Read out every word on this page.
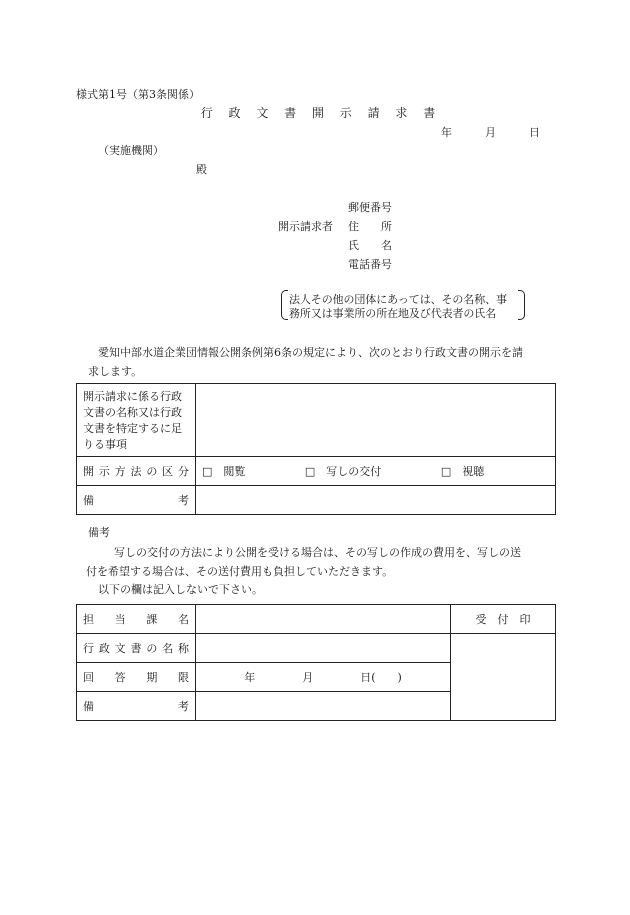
様式第1号（第3条関係）
行 政 文 書 開 示 請 求 書
年	月	日
（実施機関）
殿
郵便番号
開示請求者 住　　所
氏　　名
電話番号
法人その他の団体にあっては、その名称、事
務所又は事業所の所在地及び代表者の氏名
愛知中部水道企業団情報公開条例第6条の規定により、次のとおり行政文書の開示を請
求します。
開示請求に係る行政
文書の名称又は行政
文書を特定するに足
りる事項	

開示方法の区分	□　閲覧 □　写しの交付 □　視聴

備考	

備考
写しの交付の方法により公開を受ける場合は、その写しの作成の費用を、写しの送
付を希望する場合は、その送付費用も負担していただきます。
以下の欄は記入しないで下さい。
担当課名		受　付　印

行政文書の名称		

回答期限	年 月 日(　　)	

備考		
